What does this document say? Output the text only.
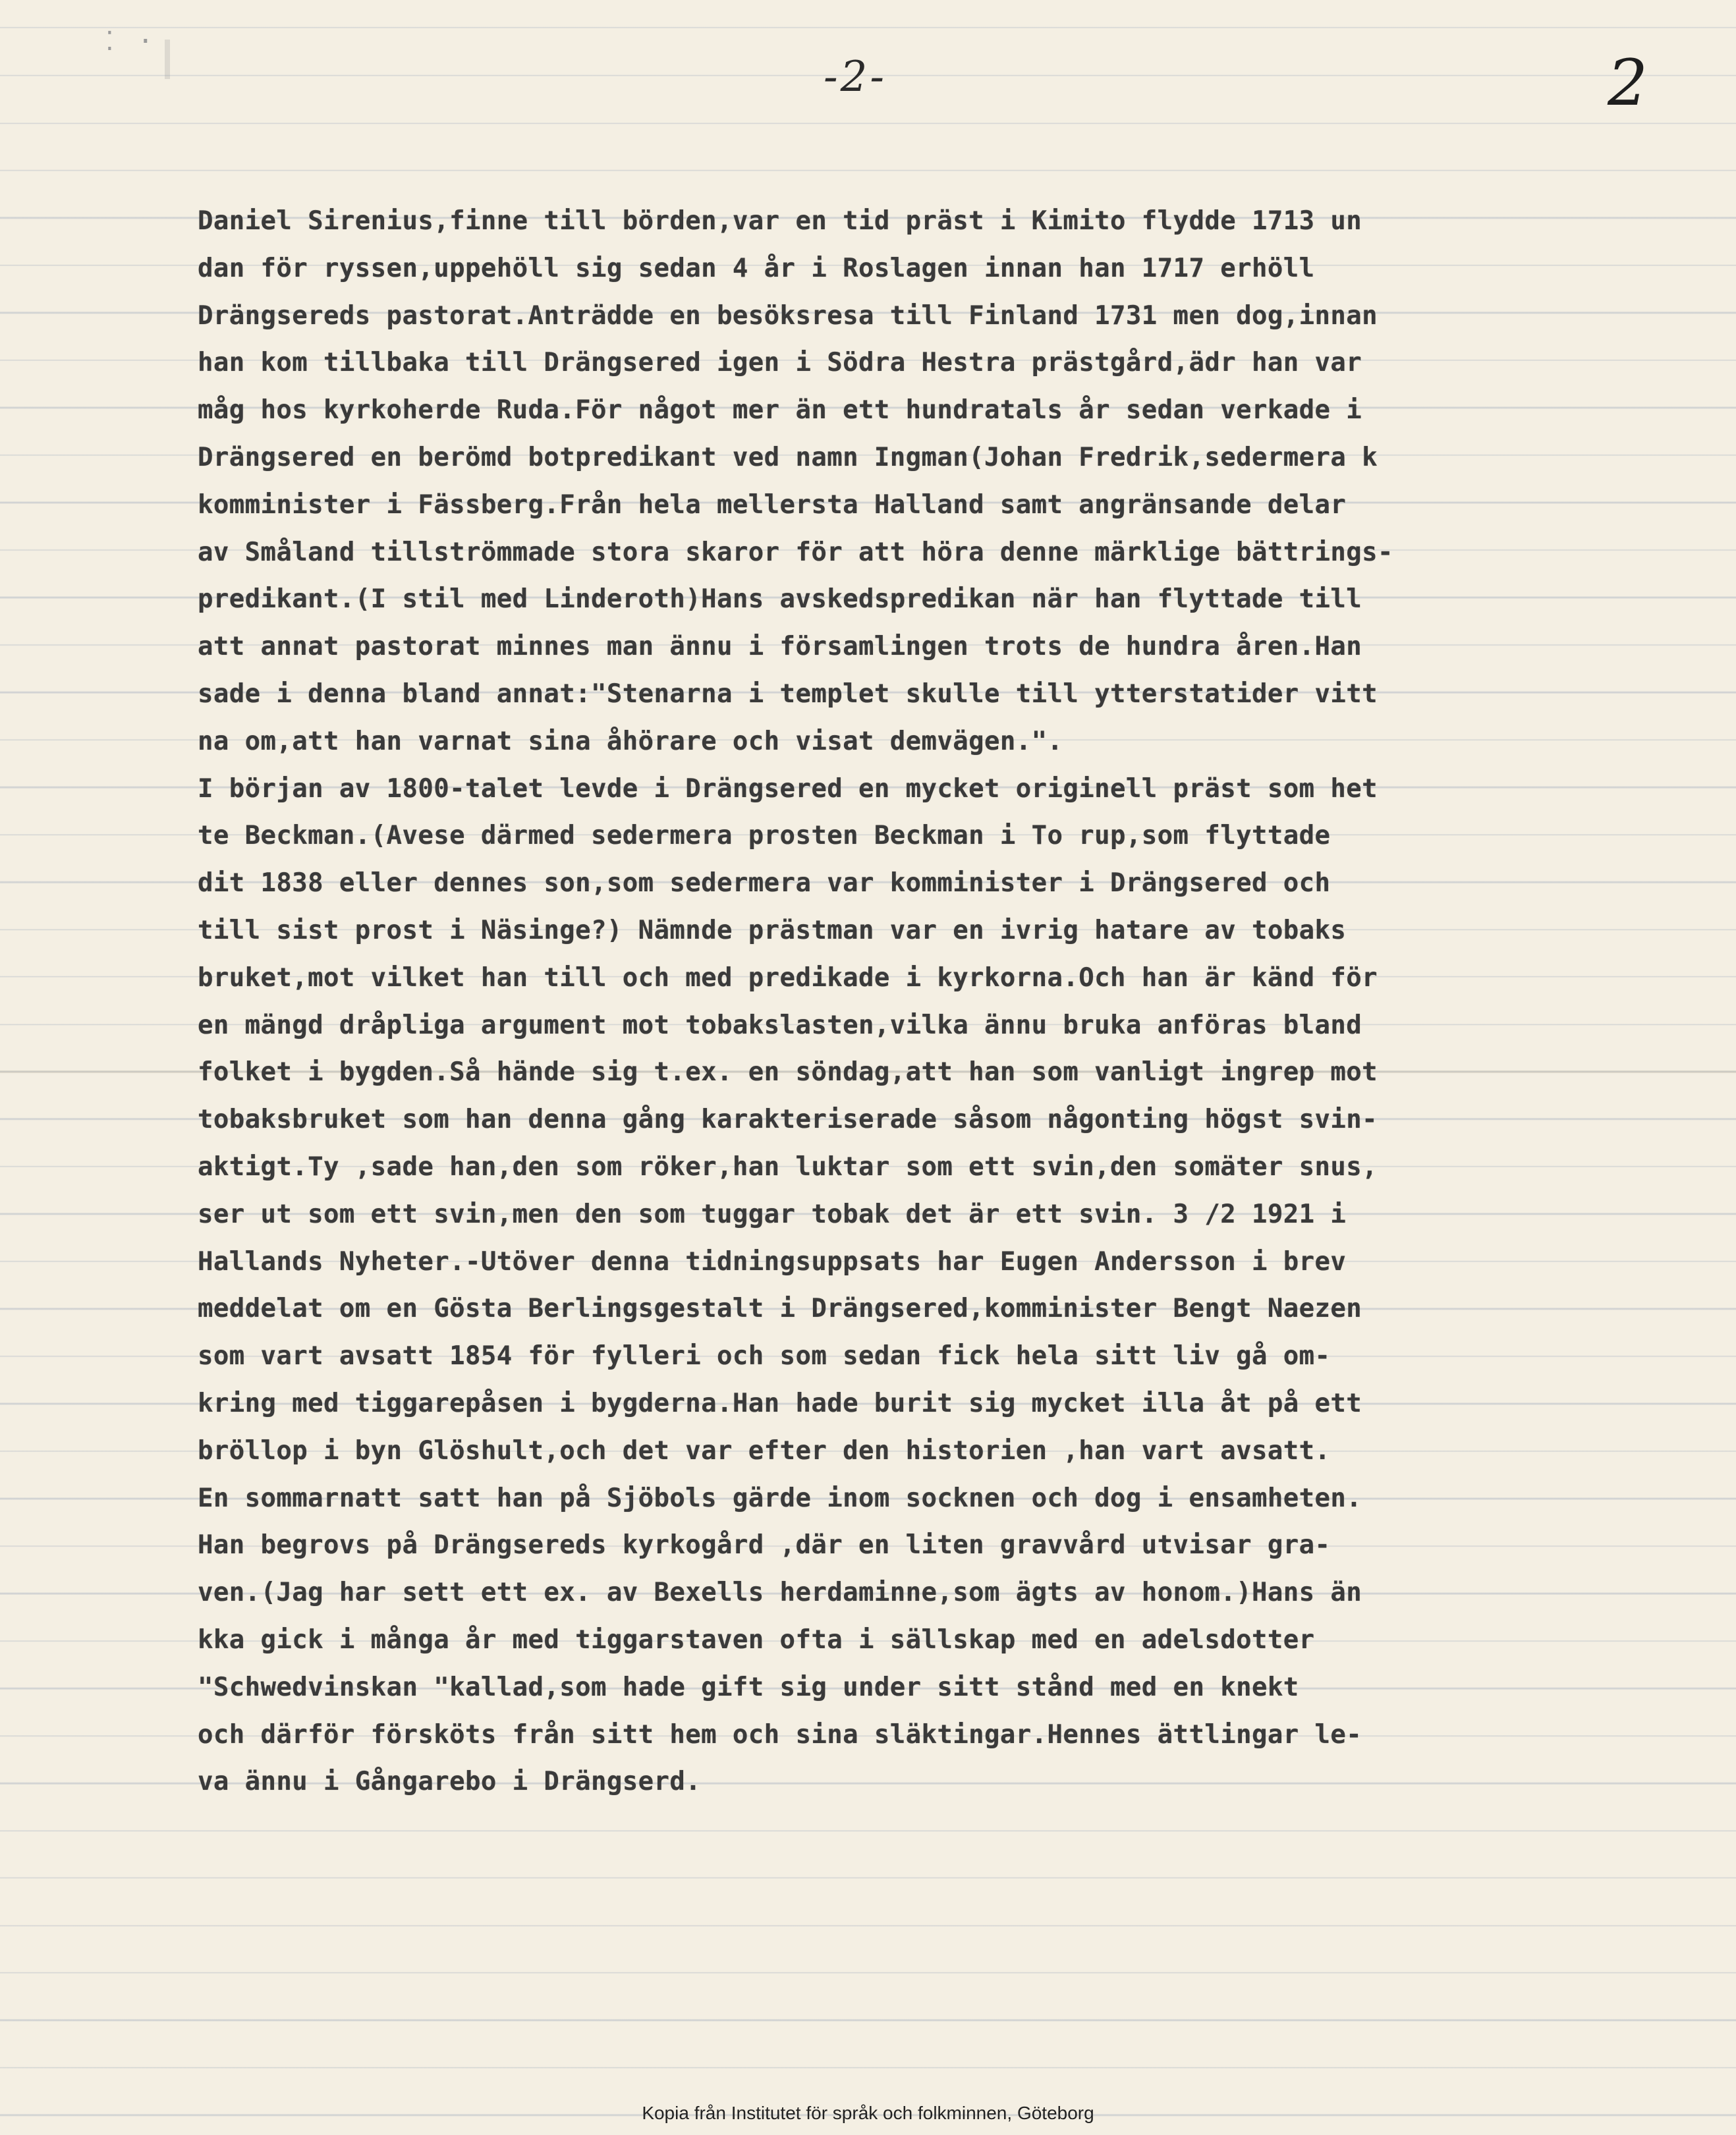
⁚ ·
-2-	2
Daniel Sirenius,finne till börden,var en tid präst i Kimito flydde 1713 un
dan för ryssen,uppehöll sig sedan 4 år i Roslagen innan han 1717 erhöll
Drängsereds pastorat.Anträdde en besöksresa till Finland 1731 men dog,innan
han kom tillbaka till Drängsered igen i Södra Hestra prästgård,ädr han var
måg hos kyrkoherde Ruda.För något mer än ett hundratals år sedan verkade i
Drängsered en berömd botpredikant ved namn Ingman(Johan Fredrik,sedermera k
komminister i Fässberg.Från hela mellersta Halland samt angränsande delar
av Småland tillströmmade stora skaror för att höra denne märklige bättrings-
predikant.(I stil med Linderoth)Hans avskedspredikan när han flyttade till
att annat pastorat minnes man ännu i församlingen trots de hundra åren.Han
sade i denna bland annat:"Stenarna i templet skulle till ytterstatider vitt
na om,att han varnat sina åhörare och visat demvägen.".
I början av 1800-talet levde i Drängsered en mycket originell präst som het
te Beckman.(Avese därmed sedermera prosten Beckman i To rup,som flyttade
dit 1838 eller dennes son,som sedermera var komminister i Drängsered och
till sist prost i Näsinge?) Nämnde prästman var en ivrig hatare av tobaks
bruket,mot vilket han till och med predikade i kyrkorna.Och han är känd för
en mängd dråpliga argument mot tobakslasten,vilka ännu bruka anföras bland
folket i bygden.Så hände sig t.ex. en söndag,att han som vanligt ingrep mot
tobaksbruket som han denna gång karakteriserade såsom någonting högst svin-
aktigt.Ty ,sade han,den som röker,han luktar som ett svin,den somäter snus,
ser ut som ett svin,men den som tuggar tobak det är ett svin. 3 /2 1921 i
Hallands Nyheter.-Utöver denna tidningsuppsats har Eugen Andersson i brev
meddelat om en Gösta Berlingsgestalt i Drängsered,komminister Bengt Naezen
som vart avsatt 1854 för fylleri och som sedan fick hela sitt liv gå om-
kring med tiggarepåsen i bygderna.Han hade burit sig mycket illa åt på ett
bröllop i byn Glöshult,och det var efter den historien ,han vart avsatt.
En sommarnatt satt han på Sjöbols gärde inom socknen och dog i ensamheten.
Han begrovs på Drängsereds kyrkogård ,där en liten gravvård utvisar gra-
ven.(Jag har sett ett ex. av Bexells herdaminne,som ägts av honom.)Hans än
kka gick i många år med tiggarstaven ofta i sällskap med en adelsdotter
"Schwedvinskan "kallad,som hade gift sig under sitt stånd med en knekt
och därför försköts från sitt hem och sina släktingar.Hennes ättlingar le-
va ännu i Gångarebo i Drängserd.
Kopia från Institutet för språk och folkminnen, Göteborg
